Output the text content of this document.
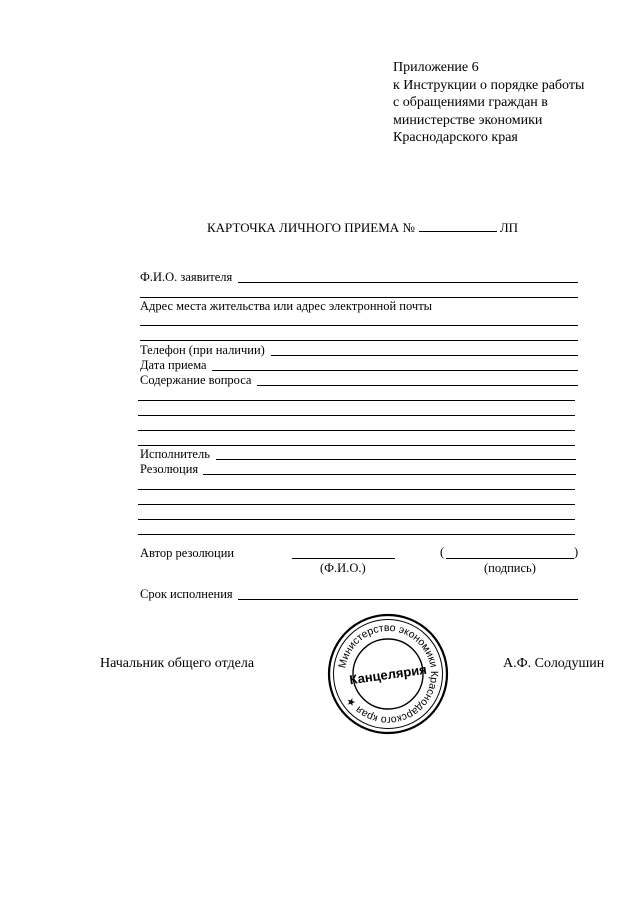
Приложение 6
к Инструкции о порядке работы
с обращениями граждан в
министерстве экономики
Краснодарского края
КАРТОЧКА ЛИЧНОГО ПРИЕМА №	ЛП
Ф.И.О. заявителя
Адрес места жительства или адрес электронной почты
Телефон (при наличии)
Дата приема
Содержание вопроса
Исполнитель
Резолюция
Автор резолюции
(Ф.И.О.)
(	)
(подпись)
Срок исполнения
Начальник общего отдела	А.Ф. Солодушин
Министерство экономики Краснодарского края ★
Канцелярия
